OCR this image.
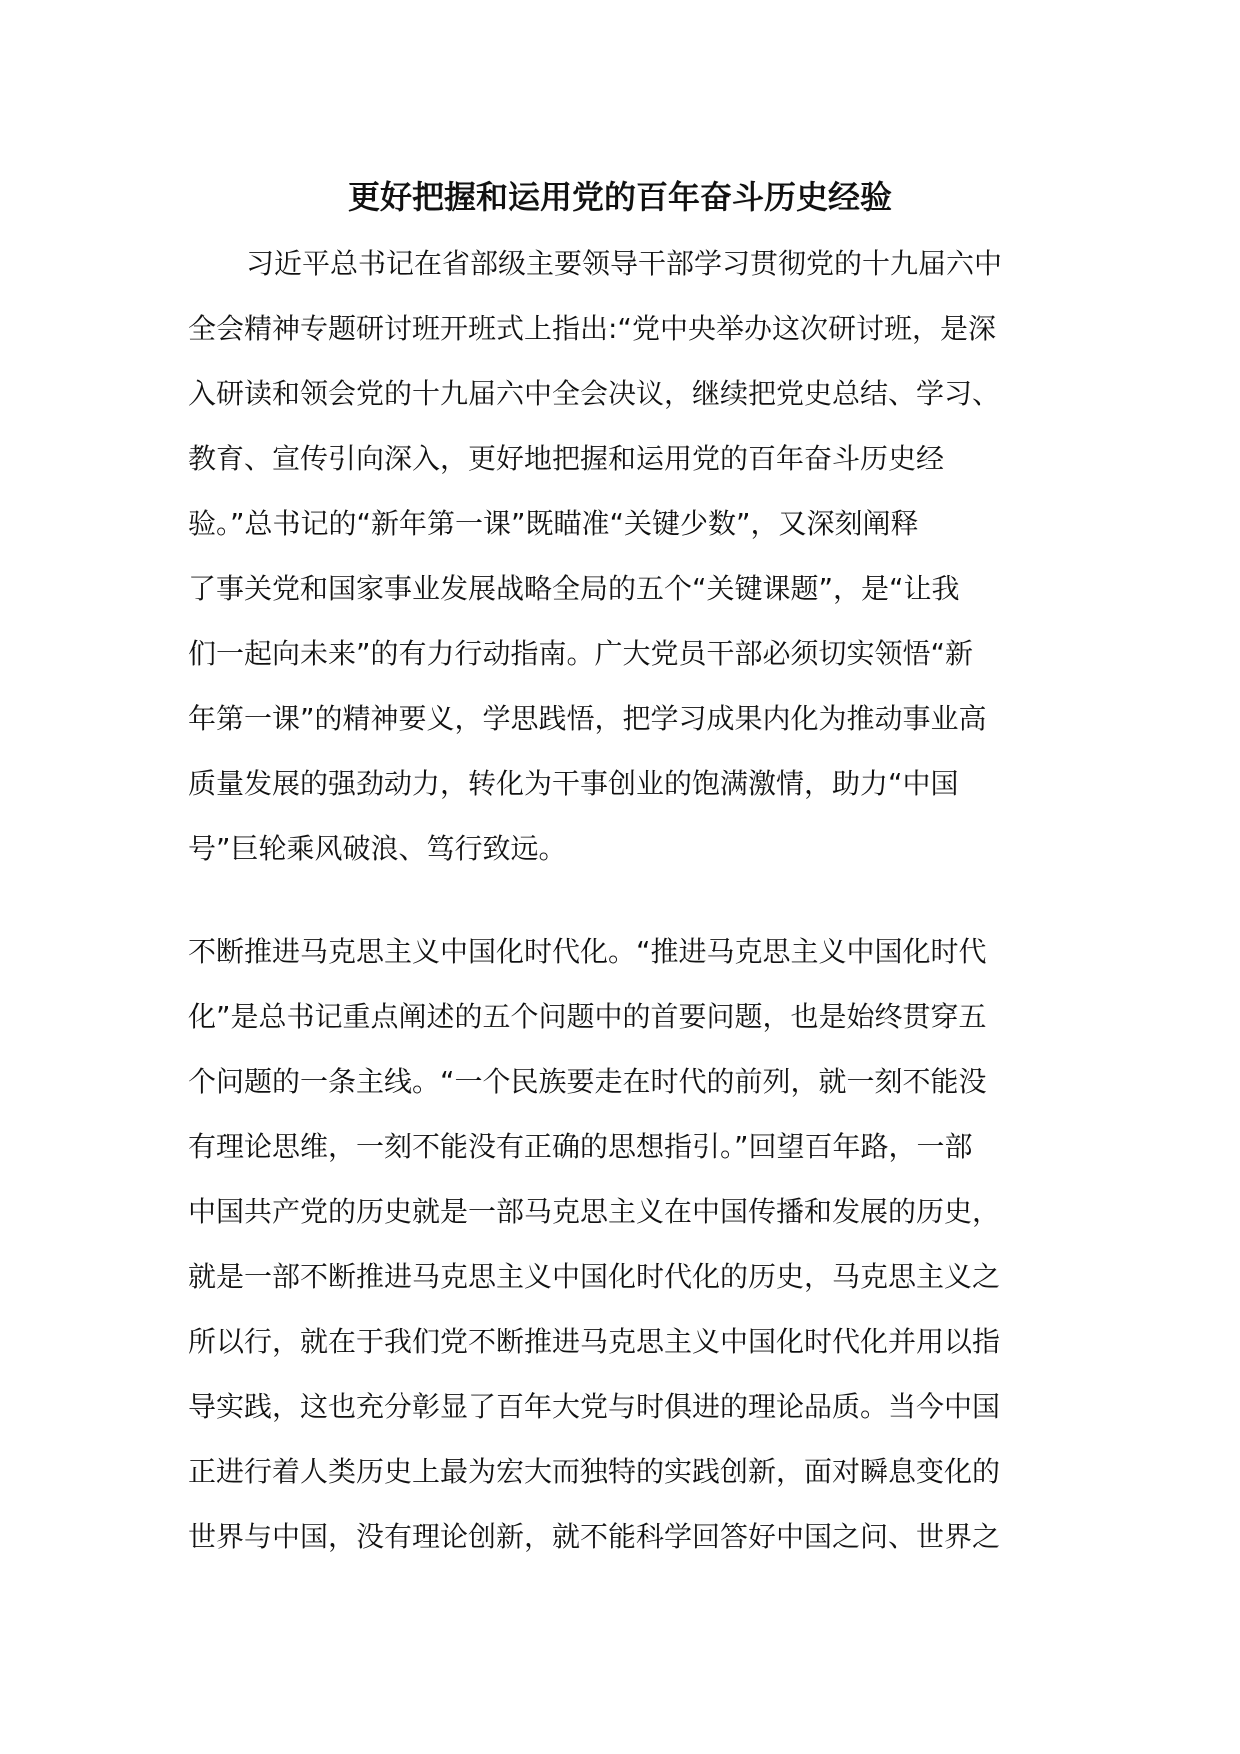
更好把握和运用党的百年奋斗历史经验
习近平总书记在省部级主要领导干部学习贯彻党的十九届六中
全会精神专题研讨班开班式上指出:“党中央举办这次研讨班，是深
入研读和领会党的十九届六中全会决议，继续把党史总结、学习、
教育、宣传引向深入，更好地把握和运用党的百年奋斗历史经
验。”总书记的“新年第一课”既瞄准“关键少数”，又深刻阐释
了事关党和国家事业发展战略全局的五个“关键课题”，是“让我
们一起向未来”的有力行动指南。广大党员干部必须切实领悟“新
年第一课”的精神要义，学思践悟，把学习成果内化为推动事业高
质量发展的强劲动力，转化为干事创业的饱满激情，助力“中国
号”巨轮乘风破浪、笃行致远。
不断推进马克思主义中国化时代化。“推进马克思主义中国化时代
化”是总书记重点阐述的五个问题中的首要问题，也是始终贯穿五
个问题的一条主线。“一个民族要走在时代的前列，就一刻不能没
有理论思维，一刻不能没有正确的思想指引。”回望百年路，一部
中国共产党的历史就是一部马克思主义在中国传播和发展的历史，
就是一部不断推进马克思主义中国化时代化的历史，马克思主义之
所以行，就在于我们党不断推进马克思主义中国化时代化并用以指
导实践，这也充分彰显了百年大党与时俱进的理论品质。当今中国
正进行着人类历史上最为宏大而独特的实践创新，面对瞬息变化的
世界与中国，没有理论创新，就不能科学回答好中国之问、世界之
